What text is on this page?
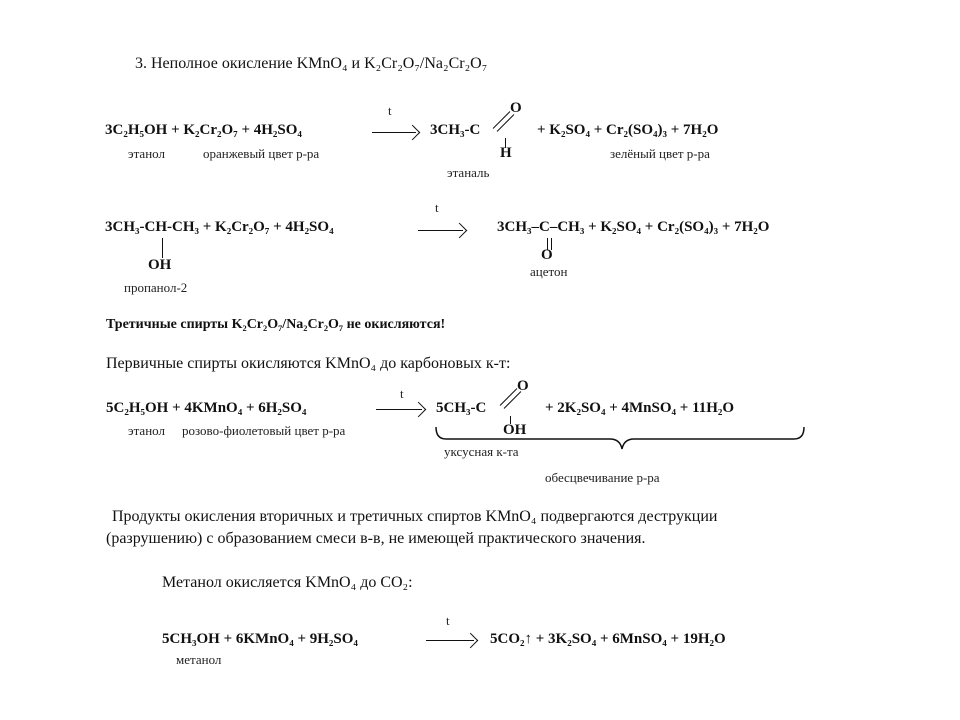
3. Неполное окисление KMnO₄ и K₂Cr₂O₇/Na₂Cr₂O₇
3C₂H₅OH + K₂Cr₂O₇ + 4H₂SO₄
t
3CH₃-C
O
H
+ K₂SO₄ + Cr₂(SO₄)₃ + 7H₂O
этанол	оранжевый цвет р-ра
этаналь
зелёный цвет р-ра
3CH₃-CH-CH₃ + K₂Cr₂O₇ + 4H₂SO₄
t
OH
пропанол-2
3CH₃–C–CH₃ + K₂SO₄ + Cr₂(SO₄)₃ + 7H₂O
O
ацетон
Третичные спирты K₂Cr₂O₇/Na₂Cr₂O₇ не окисляются!
Первичные спирты окисляются KMnO₄ до карбоновых к-т:
5C₂H₅OH + 4KMnO₄ + 6H₂SO₄
t
5CH₃-C
O
OH
+ 2K₂SO₄ + 4MnSO₄ + 11H₂O
этанол розово-фиолетовый цвет р-ра
уксусная к-та
обесцвечивание р-ра
Продукты окисления вторичных и третичных спиртов KMnO₄ подвергаются деструкции
(разрушению) с образованием смеси в-в, не имеющей практического значения.
Метанол окисляется KMnO₄ до CO₂:
5CH₃OH + 6KMnO₄ + 9H₂SO₄
t
5CO₂↑ + 3K₂SO₄ + 6MnSO₄ + 19H₂O
метанол
